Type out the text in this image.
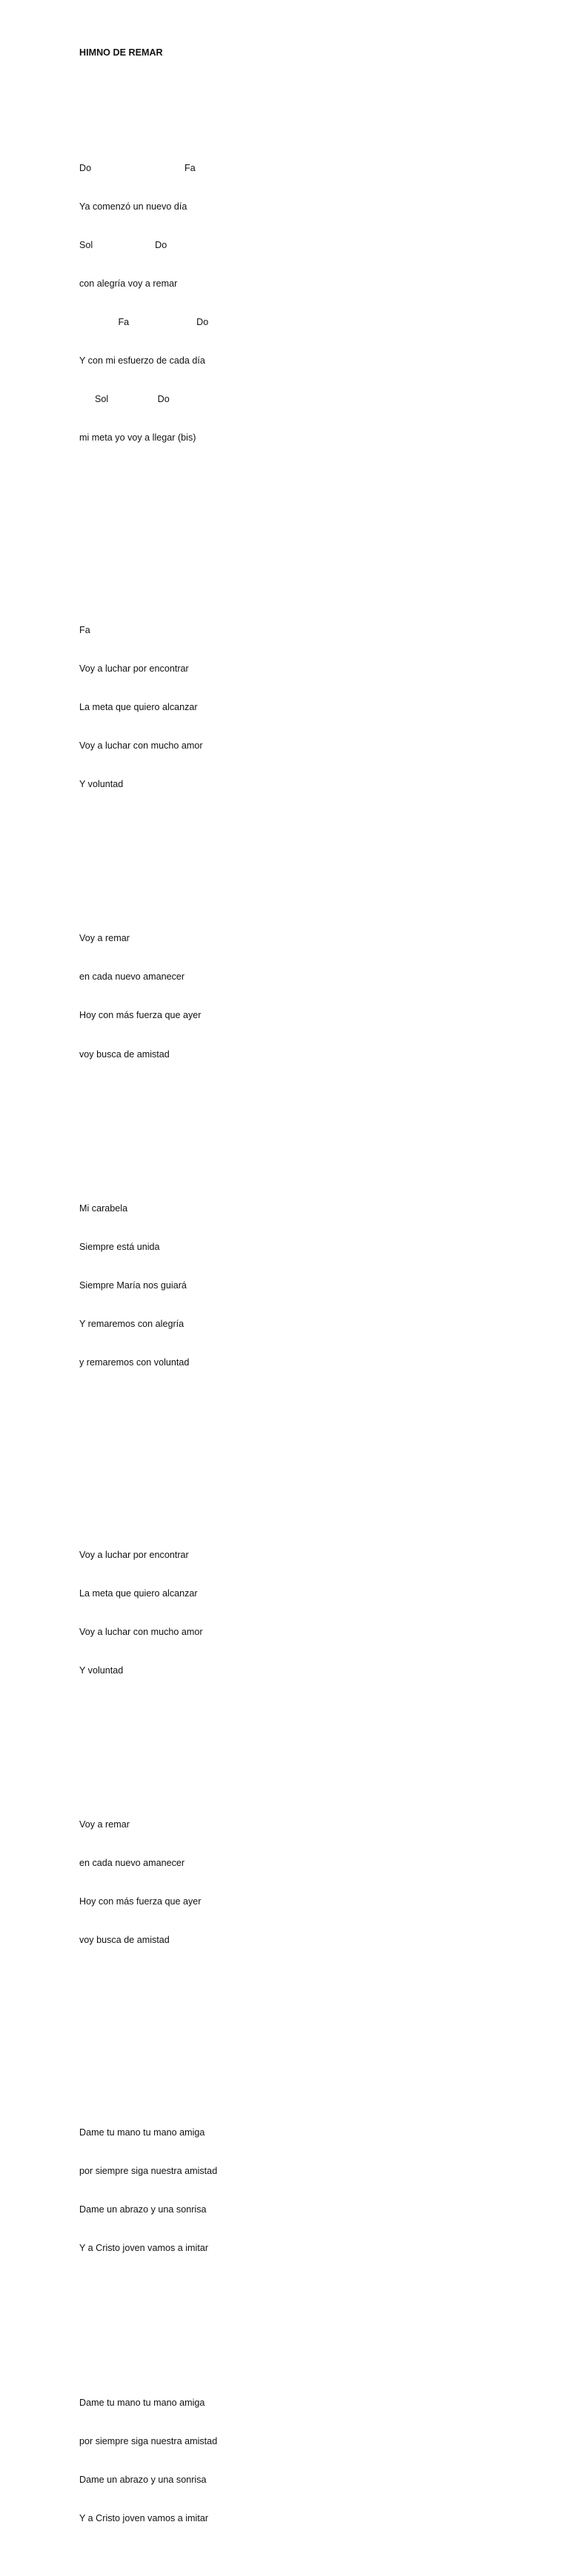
HIMNO DE REMAR

Do                                    Fa

Ya comenzó un nuevo día

Sol                        Do

con alegría voy a remar

Fa                          Do

Y con mi esfuerzo de cada día

Sol                   Do

mi meta yo voy a llegar (bis)

Fa

Voy a luchar por encontrar

La meta que quiero alcanzar

Voy a luchar con mucho amor

Y voluntad

Voy a remar

en cada nuevo amanecer

Hoy con más fuerza que ayer

voy busca de amistad

Mi carabela

Siempre está unida

Siempre María nos guiará

Y remaremos con alegría

y remaremos con voluntad

Voy a luchar por encontrar

La meta que quiero alcanzar

Voy a luchar con mucho amor

Y voluntad

Voy a remar

en cada nuevo amanecer

Hoy con más fuerza que ayer

voy busca de amistad

Dame tu mano tu mano amiga

por siempre siga nuestra amistad

Dame un abrazo y una sonrisa

Y a Cristo joven vamos a imitar

Dame tu mano tu mano amiga

por siempre siga nuestra amistad

Dame un abrazo y una sonrisa

Y a Cristo joven vamos a imitar
